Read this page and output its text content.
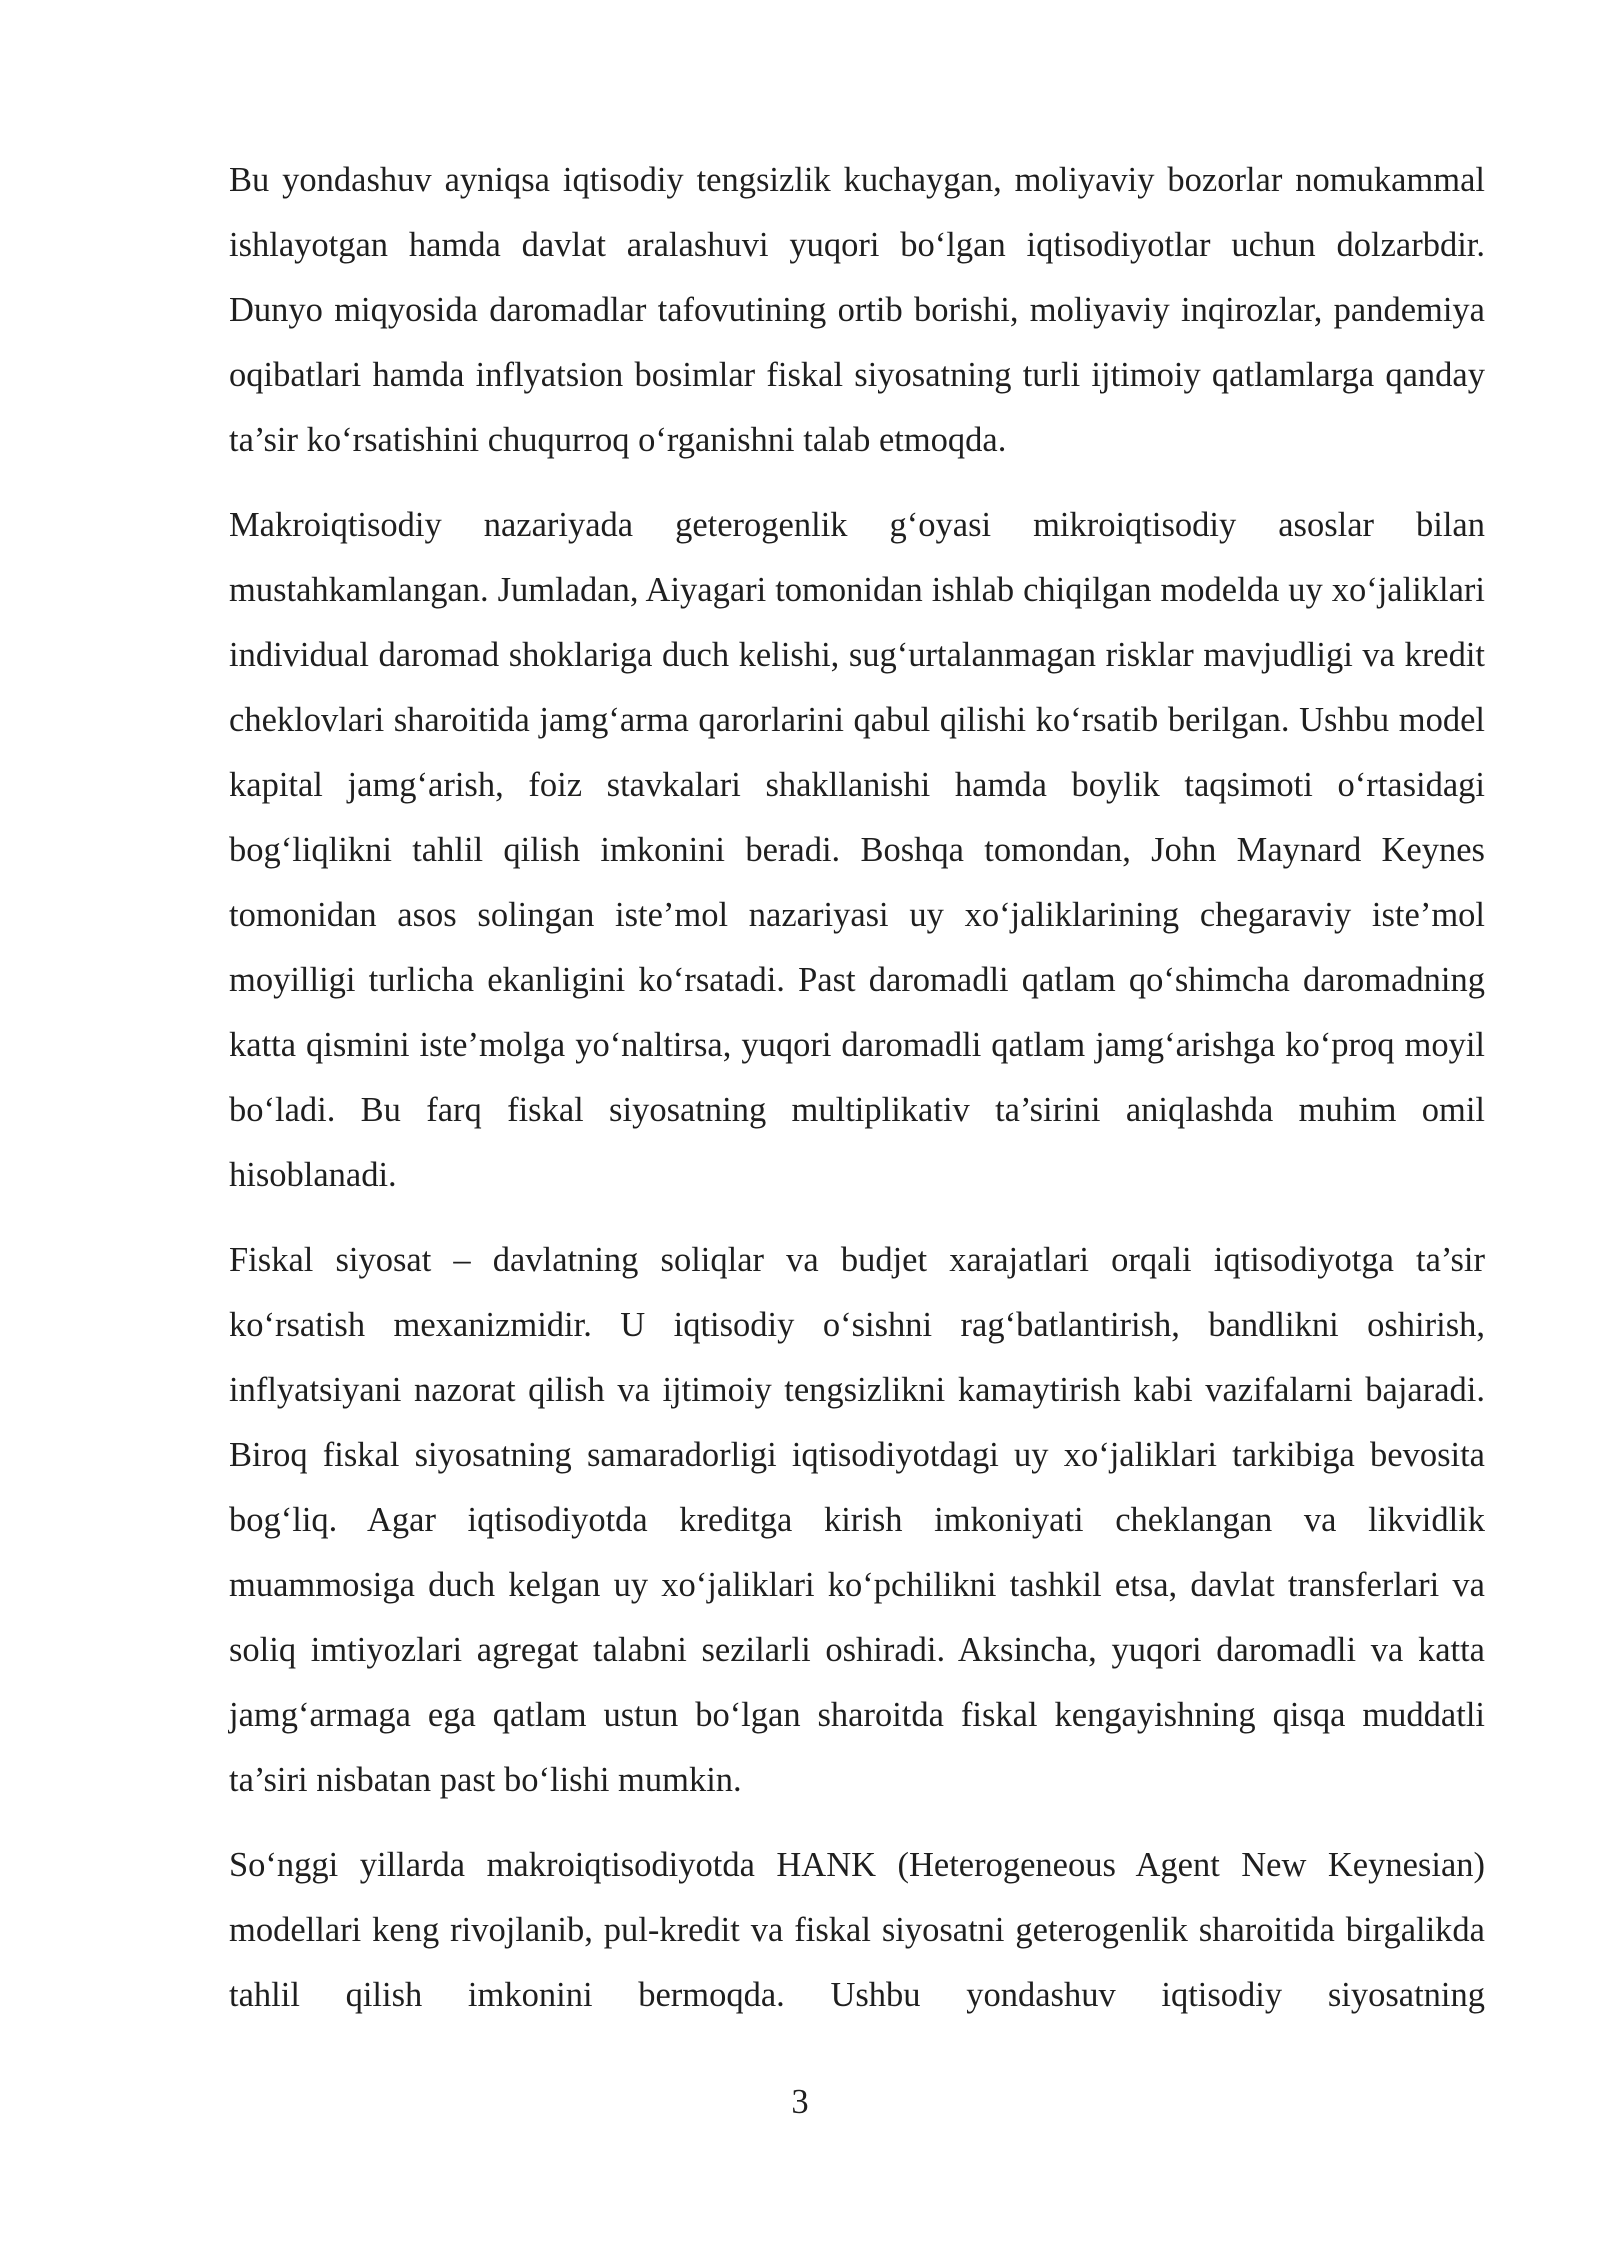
Bu yondashuv ayniqsa iqtisodiy tengsizlik kuchaygan, moliyaviy bozorlar nomukammal ishlayotgan hamda davlat aralashuvi yuqori bo‘lgan iqtisodiyotlar uchun dolzarbdir. Dunyo miqyosida daromadlar tafovutining ortib borishi, moliyaviy inqirozlar, pandemiya oqibatlari hamda inflyatsion bosimlar fiskal siyosatning turli ijtimoiy qatlamlarga qanday ta’sir ko‘rsatishini chuqurroq o‘rganishni talab etmoqda.

Makroiqtisodiy nazariyada geterogenlik g‘oyasi mikroiqtisodiy asoslar bilan mustahkamlangan. Jumladan, Aiyagari tomonidan ishlab chiqilgan modelda uy xo‘jaliklari individual daromad shoklariga duch kelishi, sug‘urtalanmagan risklar mavjudligi va kredit cheklovlari sharoitida jamg‘arma qarorlarini qabul qilishi ko‘rsatib berilgan. Ushbu model kapital jamg‘arish, foiz stavkalari shakllanishi hamda boylik taqsimoti o‘rtasidagi bog‘liqlikni tahlil qilish imkonini beradi. Boshqa tomondan, John Maynard Keynes tomonidan asos solingan iste’mol nazariyasi uy xo‘jaliklarining chegaraviy iste’mol moyilligi turlicha ekanligini ko‘rsatadi. Past daromadli qatlam qo‘shimcha daromadning katta qismini iste’molga yo‘naltirsa, yuqori daromadli qatlam jamg‘arishga ko‘proq moyil bo‘ladi. Bu farq fiskal siyosatning multiplikativ ta’sirini aniqlashda muhim omil hisoblanadi.

Fiskal siyosat – davlatning soliqlar va budjet xarajatlari orqali iqtisodiyotga ta’sir ko‘rsatish mexanizmidir. U iqtisodiy o‘sishni rag‘batlantirish, bandlikni oshirish, inflyatsiyani nazorat qilish va ijtimoiy tengsizlikni kamaytirish kabi vazifalarni bajaradi. Biroq fiskal siyosatning samaradorligi iqtisodiyotdagi uy xo‘jaliklari tarkibiga bevosita bog‘liq. Agar iqtisodiyotda kreditga kirish imkoniyati cheklangan va likvidlik muammosiga duch kelgan uy xo‘jaliklari ko‘pchilikni tashkil etsa, davlat transferlari va soliq imtiyozlari agregat talabni sezilarli oshiradi. Aksincha, yuqori daromadli va katta jamg‘armaga ega qatlam ustun bo‘lgan sharoitda fiskal kengayishning qisqa muddatli ta’siri nisbatan past bo‘lishi mumkin.

So‘nggi yillarda makroiqtisodiyotda HANK (Heterogeneous Agent New Keynesian) modellari keng rivojlanib, pul-kredit va fiskal siyosatni geterogenlik sharoitida birgalikda tahlil qilish imkonini bermoqda. Ushbu yondashuv iqtisodiy siyosatning

3
